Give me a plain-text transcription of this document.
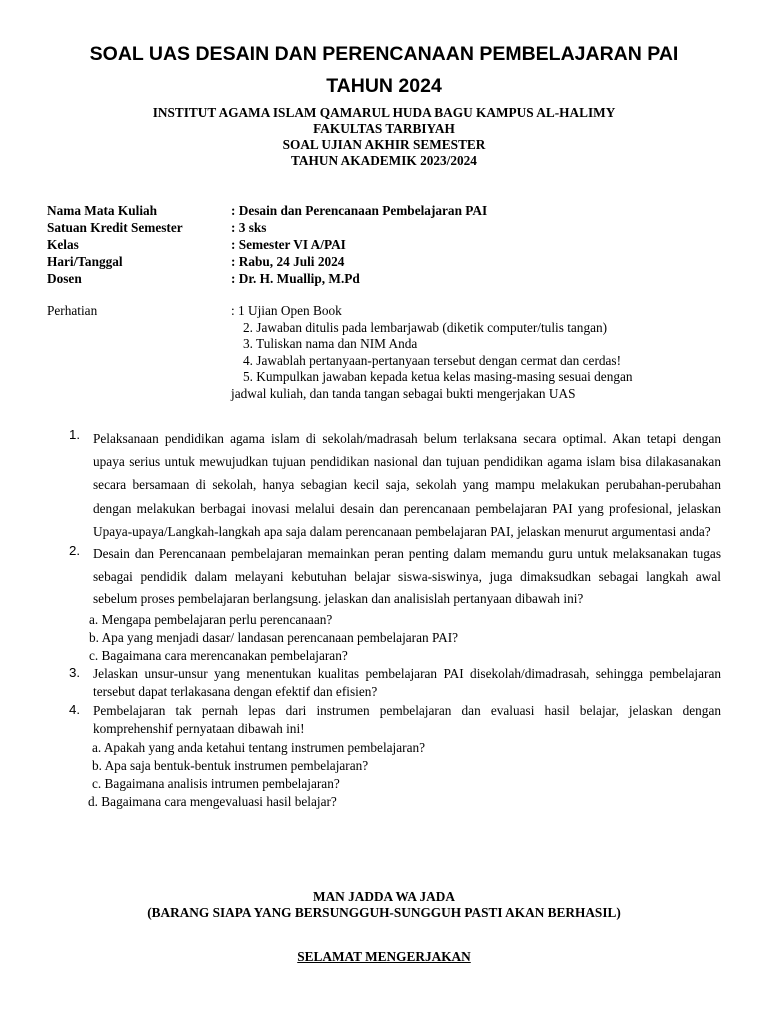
SOAL UAS DESAIN DAN PERENCANAAN PEMBELAJARAN PAI
TAHUN 2024
INSTITUT AGAMA ISLAM QAMARUL HUDA BAGU KAMPUS AL-HALIMY
FAKULTAS TARBIYAH
SOAL UJIAN AKHIR SEMESTER
TAHUN AKADEMIK 2023/2024
Nama Mata Kuliah	: Desain dan Perencanaan Pembelajaran PAI
Satuan Kredit Semester	: 3 sks
Kelas	: Semester VI A/PAI
Hari/Tanggal	: Rabu, 24 Juli 2024
Dosen	: Dr. H. Muallip, M.Pd
Perhatian	: 1 Ujian Open Book
2. Jawaban ditulis pada lembarjawab (diketik computer/tulis tangan)
3. Tuliskan nama dan NIM Anda
4. Jawablah pertanyaan-pertanyaan tersebut dengan cermat dan cerdas!
5. Kumpulkan jawaban kepada ketua kelas masing-masing sesuai dengan
jadwal kuliah, dan tanda tangan sebagai bukti mengerjakan UAS
1. Pelaksanaan pendidikan agama islam di sekolah/madrasah belum terlaksana secara optimal. Akan tetapi dengan upaya serius untuk mewujudkan tujuan pendidikan nasional dan tujuan pendidikan agama islam bisa dilakasanakan secara bersamaan di sekolah, hanya sebagian kecil saja, sekolah yang mampu melakukan perubahan-perubahan dengan melakukan berbagai inovasi melalui desain dan perencanaan pembelajaran PAI yang profesional, jelaskan Upaya-upaya/Langkah-langkah apa saja dalam perencanaan pembelajaran PAI, jelaskan menurut argumentasi anda?
2. Desain dan Perencanaan pembelajaran memainkan peran penting dalam memandu guru untuk melaksanakan tugas sebagai pendidik dalam melayani kebutuhan belajar siswa-siswinya, juga dimaksudkan sebagai langkah awal sebelum proses pembelajaran berlangsung. jelaskan dan analisislah pertanyaan dibawah ini?
a. Mengapa pembelajaran perlu perencanaan?
b. Apa yang menjadi dasar/ landasan perencanaan pembelajaran PAI?
c. Bagaimana cara merencanakan pembelajaran?
3. Jelaskan unsur-unsur yang menentukan kualitas pembelajaran PAI disekolah/dimadrasah, sehingga pembelajaran tersebut dapat terlakasana dengan efektif dan efisien?
4. Pembelajaran tak pernah lepas dari instrumen pembelajaran dan evaluasi hasil belajar, jelaskan dengan komprehenshif pernyataan dibawah ini!
a. Apakah yang anda ketahui tentang instrumen pembelajaran?
b. Apa saja bentuk-bentuk instrumen pembelajaran?
c. Bagaimana analisis intrumen pembelajaran?
d. Bagaimana cara mengevaluasi hasil belajar?
MAN JADDA WA JADA
(BARANG SIAPA YANG BERSUNGGUH-SUNGGUH PASTI AKAN BERHASIL)
SELAMAT MENGERJAKAN
